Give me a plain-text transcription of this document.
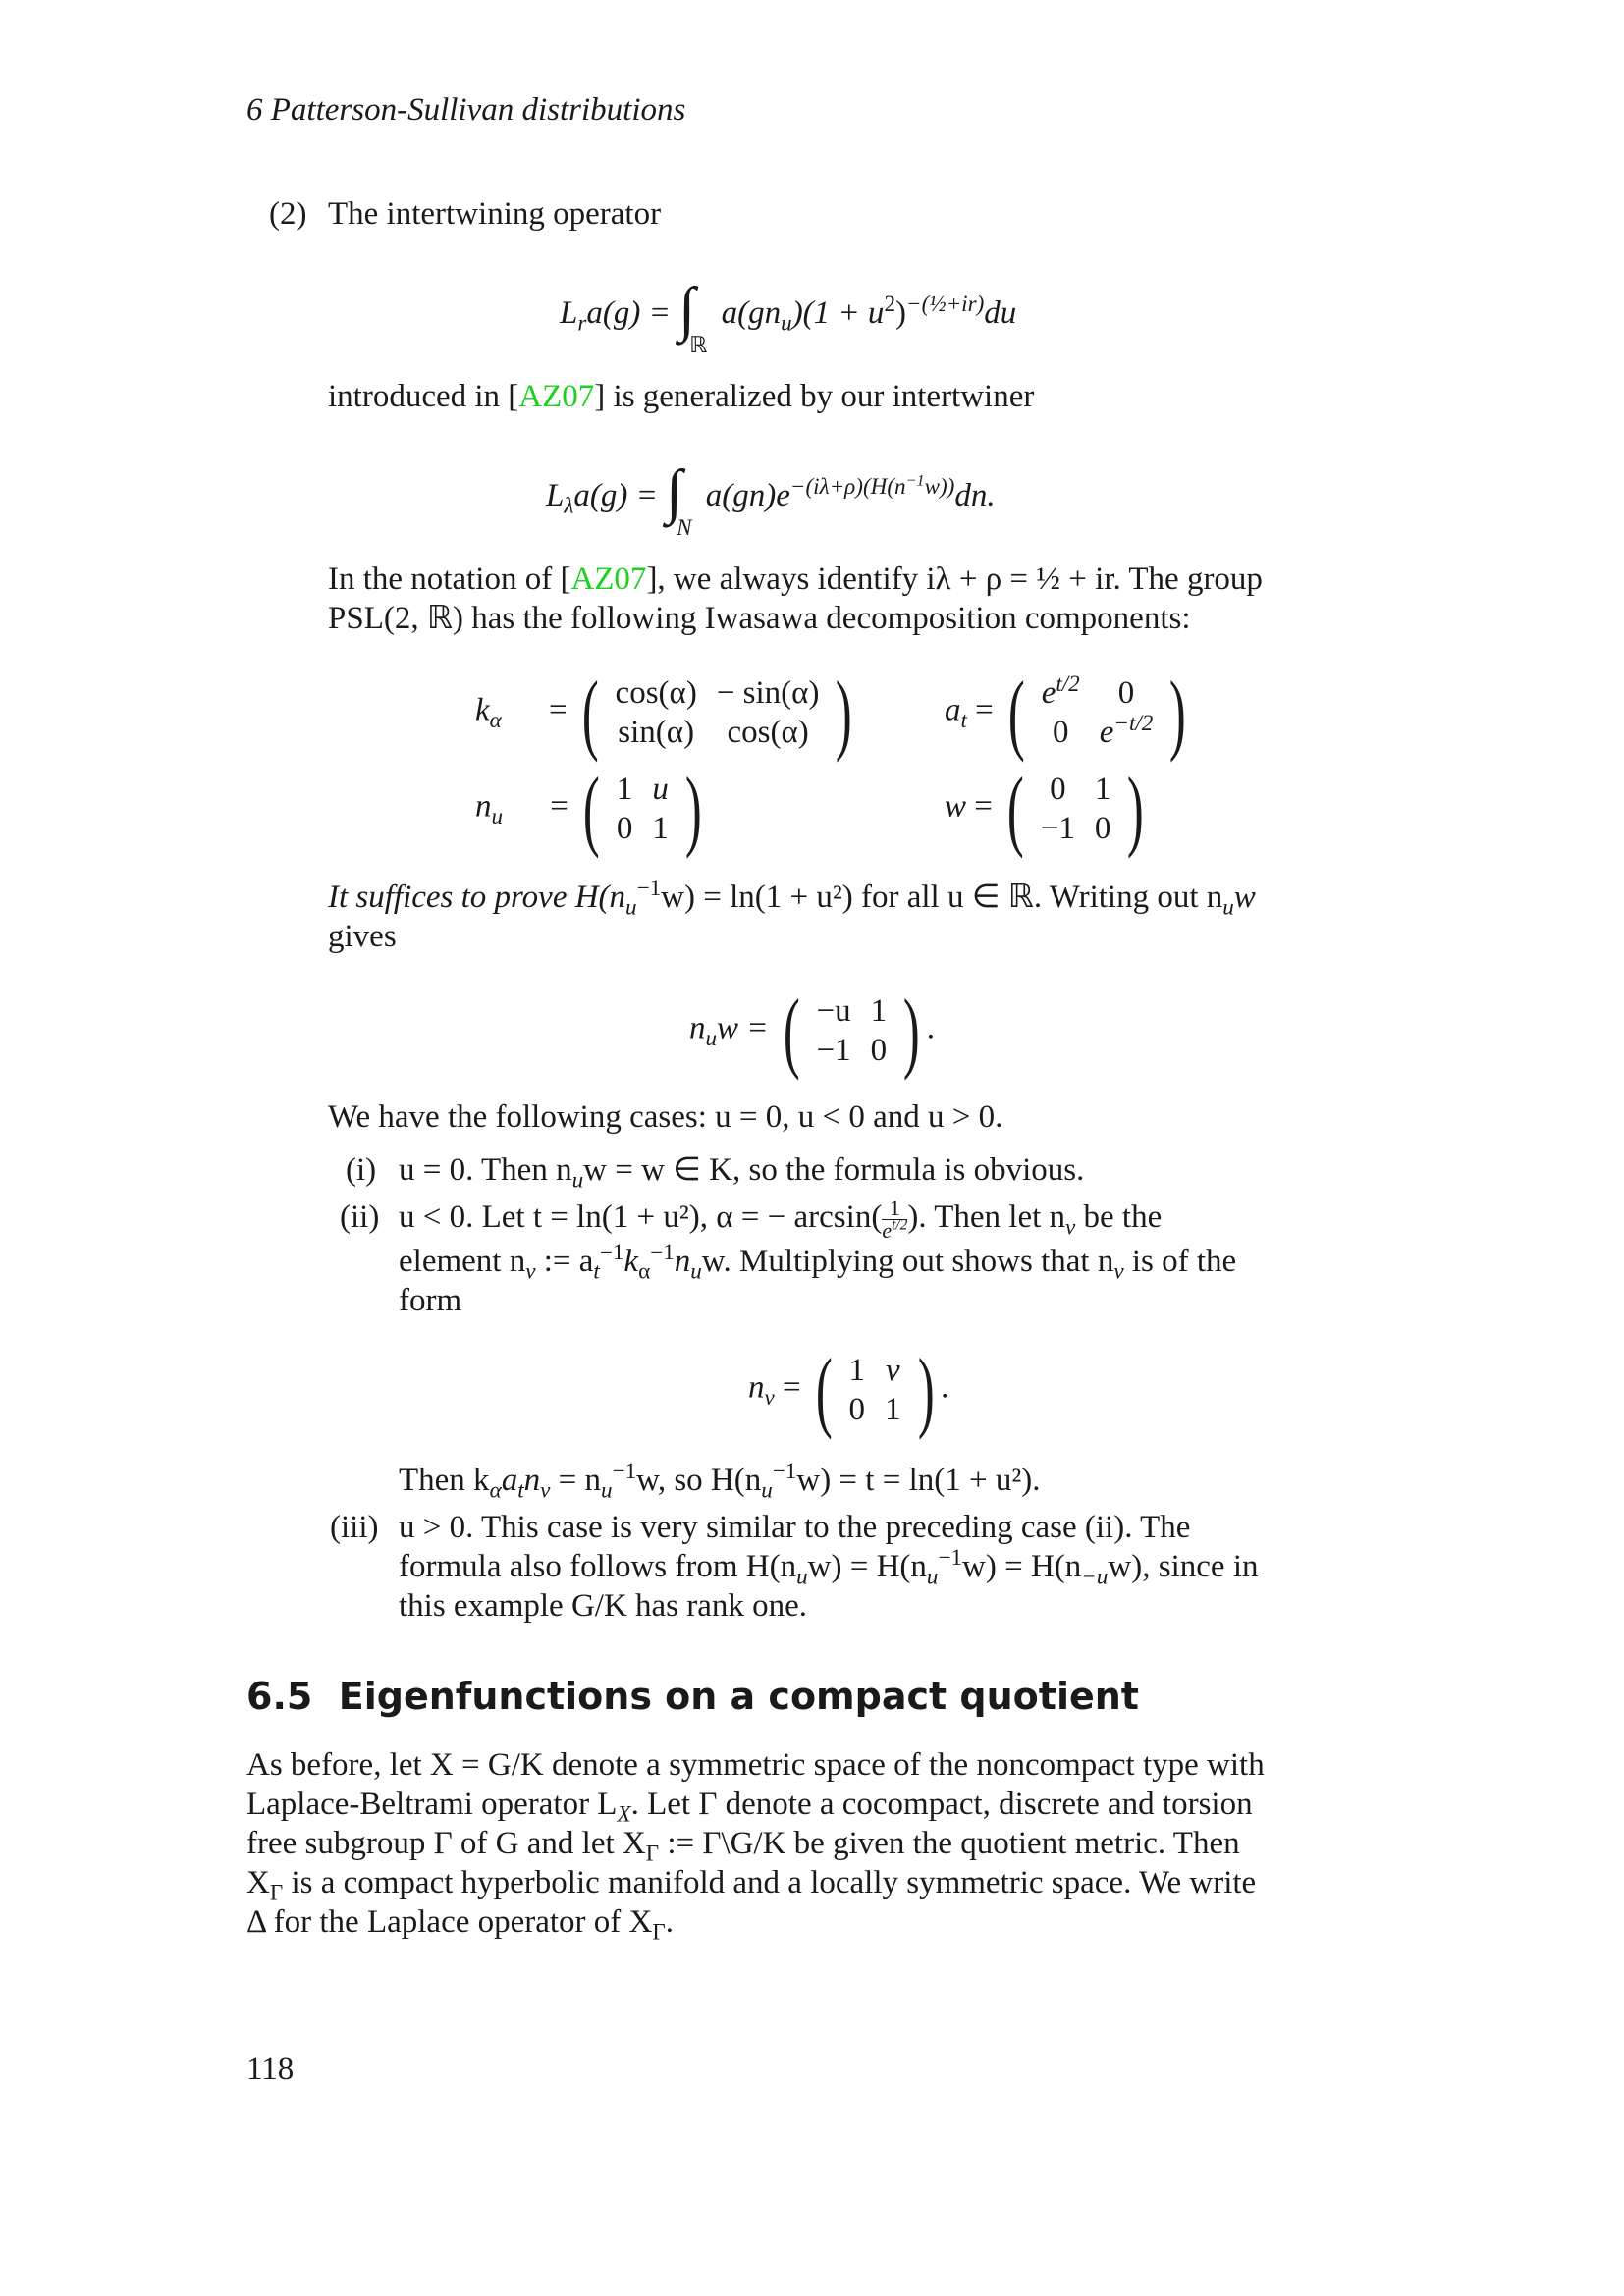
6 Patterson-Sullivan distributions
(2) The intertwining operator
$L_ra(g) = \int_ℝ$ $a(gn_u)(1 + u^2)^{-(\frac{1}{2}+ir)}du$
introduced in [AZ07] is generalized by our intertwiner
$L_\lambda a(g) = \int_N$ $a(gn)e^{-(i\lambda+\rho)(H(n^{-1}w))}dn$.
In the notation of [AZ07], we always identify iλ + ρ = ½ + ir. The group
PSL(2, ℝ) has the following Iwasawa decomposition components:
$k_\alpha$ = ( cos(α)	− sin(α)
sin(α)	cos(α) )	$a_t$ = ( $e^{t/2}$	0
0	$e^{-t/2}$ )
$n_u$ = ( 1	u
0	1 )	w = ( 0	1
−1	0 )
It suffices to prove $H(n_u^{-1}w) = \ln(1 + u^2)$ for all u ∈ ℝ. Writing out $n_uw$
gives
$n_uw$ = ( −u	1
−1	0 ) .
We have the following cases: u = 0, u < 0 and u > 0.
(i) u = 0. Then $n_uw = w$ ∈ K, so the formula is obvious.
(ii) u < 0. Let t = ln(1 + u²), α = − $\arcsin( \frac{1}{e^{t/2}}$ ). Then let $n_v$ be the
element $n_v$ := $a_t^{-1}k_\alpha^{-1}n_uw$. Multiplying out shows that $n_v$ is of the
form
$n_v$ = ( 1	v
0	1 ) .
Then $k_\alpha a_tn_v = n_u^{-1}w$, so $H(n_u^{-1}w) = t = \ln(1 + u^2)$.
(iii) u > 0. This case is very similar to the preceding case (ii). The
formula also follows from $H(n_uw) = H(n_u^{-1}w) = H(n_{-u}w)$, since in
this example G/K has rank one.
6.5 Eigenfunctions on a compact quotient
As before, let X = G/K denote a symmetric space of the noncompact type with
Laplace-Beltrami operator $L_X$. Let Γ denote a cocompact, discrete and torsion
free subgroup Γ of G and let $X_\Gamma$ := Γ\G/K be given the quotient metric. Then
$X_\Gamma$ is a compact hyperbolic manifold and a locally symmetric space. We write
Δ for the Laplace operator of $X_\Gamma$.
118
